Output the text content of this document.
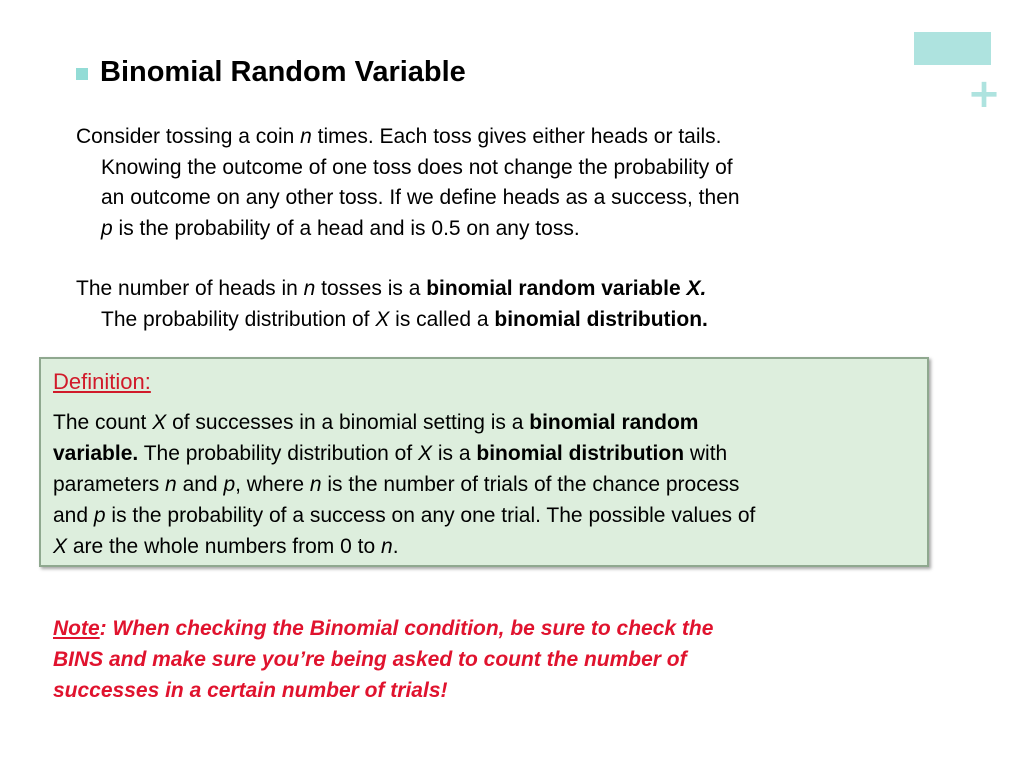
+
Binomial Random Variable
Consider tossing a coin n times. Each toss gives either heads or tails.
Knowing the outcome of one toss does not change the probability of
an outcome on any other toss. If we define heads as a success, then
p is the probability of a head and is 0.5 on any toss.
The number of heads in n tosses is a binomial random variable X.
The probability distribution of X is called a binomial distribution.
Definition:
The count X of successes in a binomial setting is a binomial random
variable. The probability distribution of X is a binomial distribution with
parameters n and p, where n is the number of trials of the chance process
and p is the probability of a success on any one trial. The possible values of
X are the whole numbers from 0 to n.
Note: When checking the Binomial condition, be sure to check the
BINS and make sure you’re being asked to count the number of
successes in a certain number of trials!
